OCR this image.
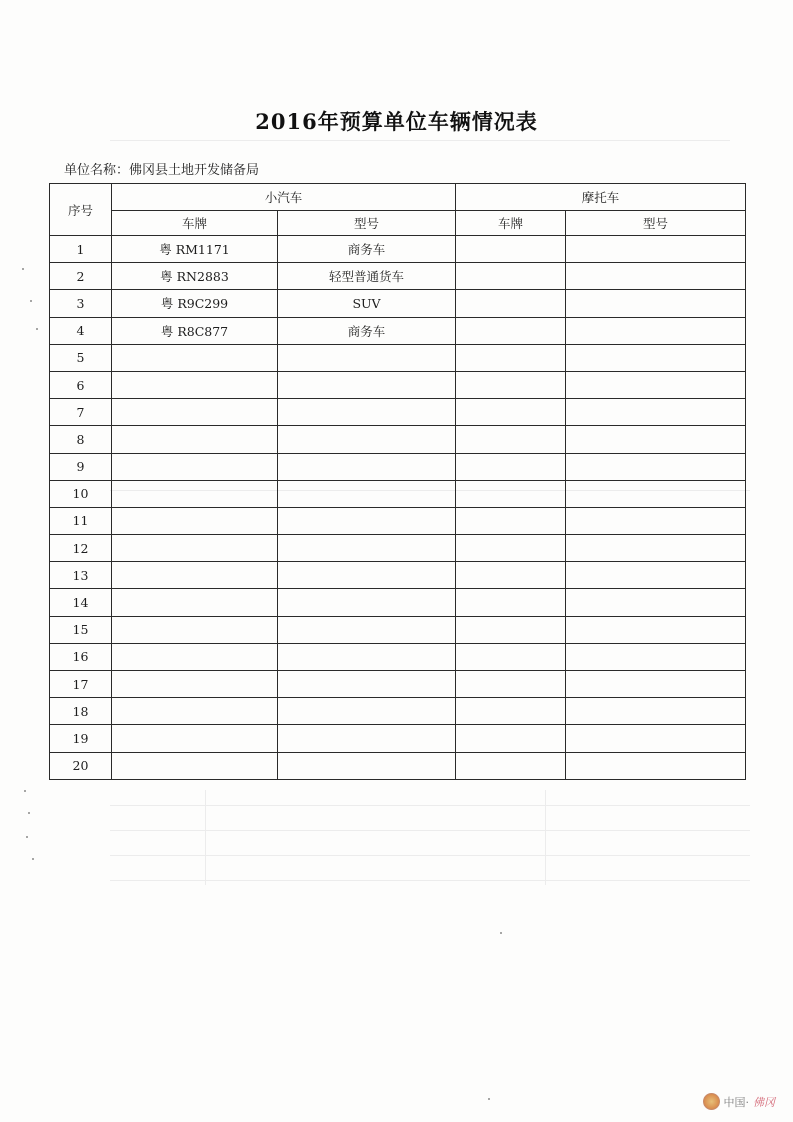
2016年预算单位车辆情况表
单位名称：佛冈县土地开发储备局
序号	小汽车		摩托车	
	车牌	型号	车牌	型号
1	粤 RM1171	商务车		
2	粤 RN2883	轻型普通货车		
3	粤 R9C299	SUV		
4	粤 R8C877	商务车		
5				
6				
7				
8				
9				
10				
11				
12				
13				
14				
15				
16				
17				
18				
19				
20				
中国· 佛冈
